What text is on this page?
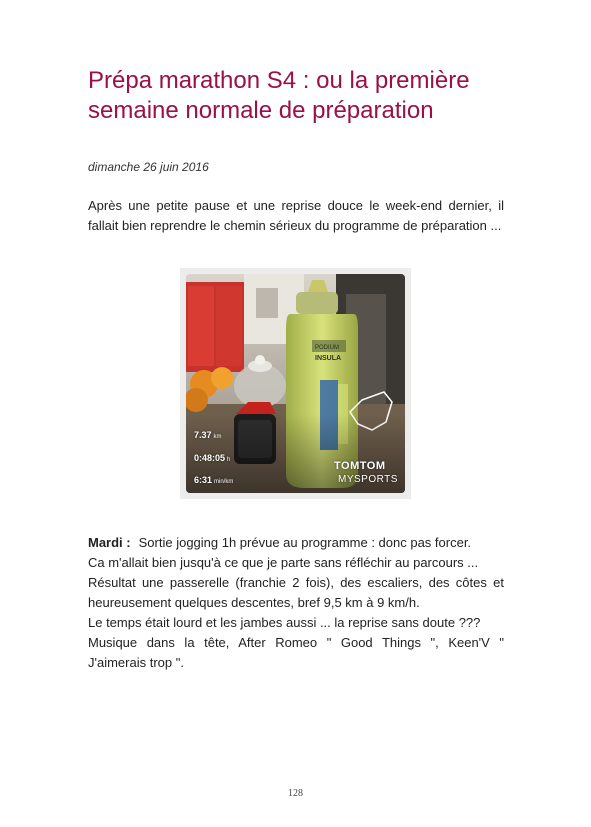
Prépa marathon S4 : ou la première semaine normale de préparation
dimanche 26 juin 2016

Après une petite pause et une reprise douce le week-end dernier, il fallait bien reprendre le chemin sérieux du programme de préparation ...

PODIUM
INSULA
7.37 km
0:48:05 h
6:31 min/km
TOMTOM
MYSPORTS
Mardi : Sortie jogging 1h prévue au programme : donc pas forcer.
Ca m'allait bien jusqu'à ce que je parte sans réfléchir au parcours ...
Résultat une passerelle (franchie 2 fois), des escaliers, des côtes et
heureusement quelques descentes, bref 9,5 km à 9 km/h.
Le temps était lourd et les jambes aussi ... la reprise sans doute ???
Musique dans la tête, After Romeo " Good Things ", Keen'V "
J'aimerais trop ".
128
